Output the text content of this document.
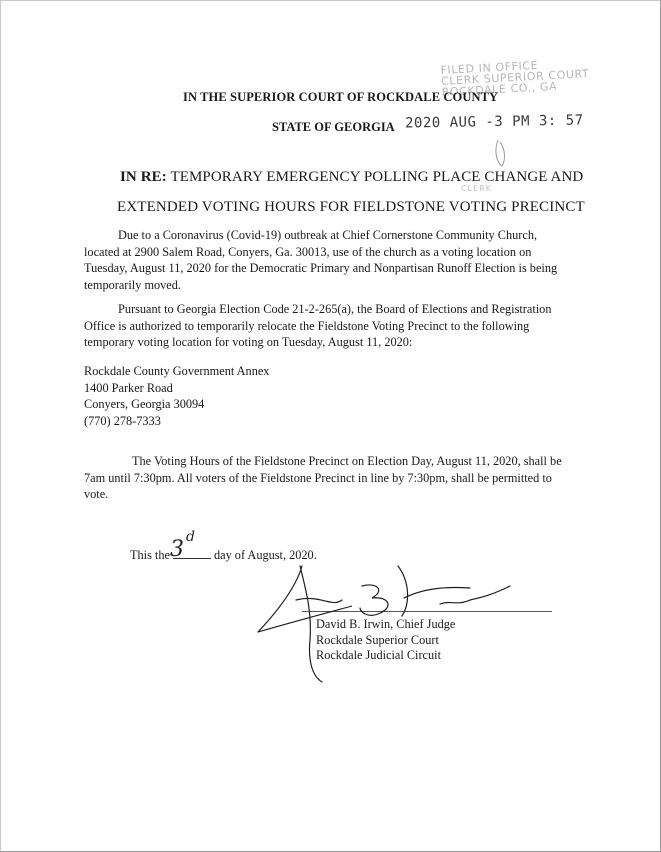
FILED IN OFFICE
CLERK SUPERIOR COURT
ROCKDALE CO., GA
IN THE SUPERIOR COURT OF ROCKDALE COUNTY
STATE OF GEORGIA 2020 AUG -3 PM 3: 57
IN RE: TEMPORARY EMERGENCY POLLING PLACE CHANGE AND
CLERK
EXTENDED VOTING HOURS FOR FIELDSTONE VOTING PRECINCT
Due to a Coronavirus (Covid-19) outbreak at Chief Cornerstone Community Church, located at 2900 Salem Road, Conyers, Ga. 30013, use of the church as a voting location on Tuesday, August 11, 2020 for the Democratic Primary and Nonpartisan Runoff Election is being temporarily moved.
Pursuant to Georgia Election Code 21-2-265(a), the Board of Elections and Registration Office is authorized to temporarily relocate the Fieldstone Voting Precinct to the following temporary voting location for voting on Tuesday, August 11, 2020:
Rockdale County Government Annex
1400 Parker Road
Conyers, Georgia 30094
(770) 278-7333
The Voting Hours of the Fieldstone Precinct on Election Day, August 11, 2020, shall be 7am until 7:30pm. All voters of the Fieldstone Precinct in line by 7:30pm, shall be permitted to vote.
This the	day of August, 2020.
David B. Irwin, Chief Judge
Rockdale Superior Court
Rockdale Judicial Circuit
3 d
